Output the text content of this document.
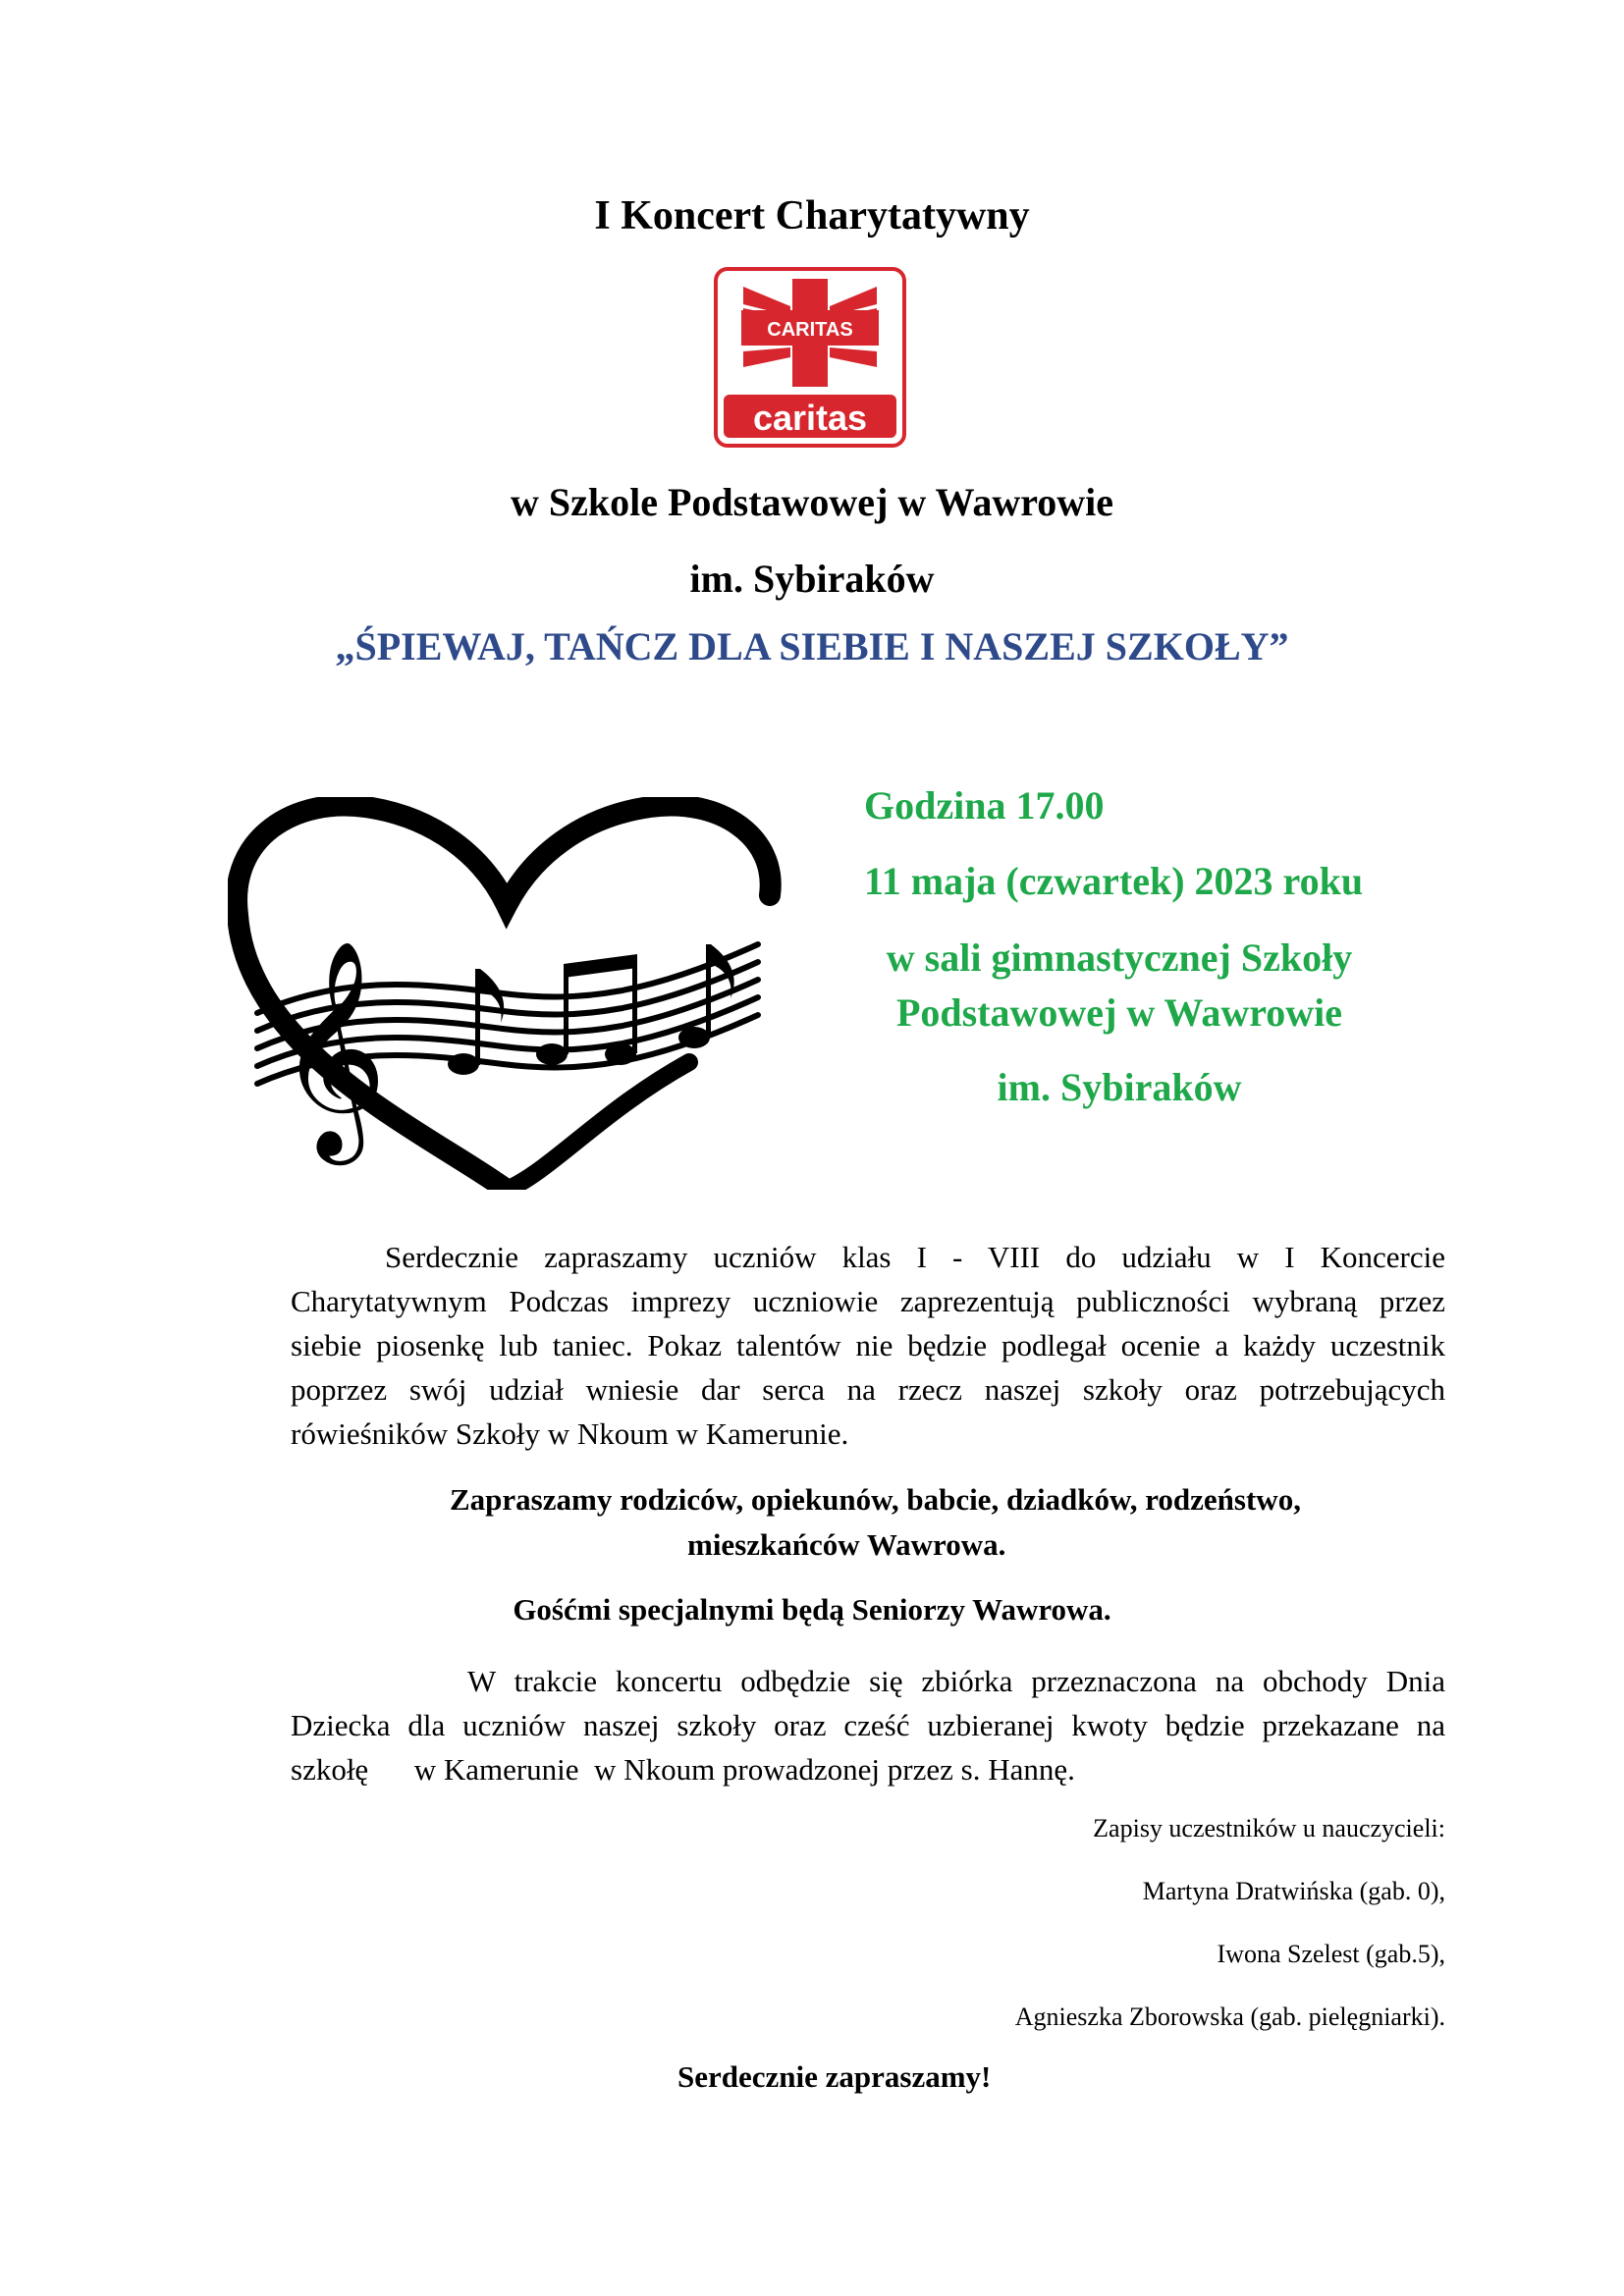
I Koncert Charytatywny
CARITAS
caritas
w Szkole Podstawowej w Wawrowie
im. Sybiraków
„ŚPIEWAJ, TAŃCZ DLA SIEBIE I NASZEJ SZKOŁY”
𝄞
Godzina 17.00
11 maja (czwartek) 2023 roku
w sali gimnastycznej Szkoły
Podstawowej w Wawrowie
im. Sybiraków
Serdecznie zapraszamy uczniów klas I - VIII do udziału w I Koncercie
Charytatywnym Podczas imprezy uczniowie zaprezentują publiczności wybraną przez
siebie piosenkę lub taniec. Pokaz talentów nie będzie podlegał ocenie a każdy uczestnik
poprzez swój udział wniesie dar serca na rzecz naszej szkoły oraz potrzebujących
rówieśników Szkoły w Nkoum w Kamerunie.
Zapraszamy rodziców, opiekunów, babcie, dziadków, rodzeństwo,
mieszkańców Wawrowa.
Gośćmi specjalnymi będą Seniorzy Wawrowa.
W trakcie koncertu odbędzie się zbiórka przeznaczona na obchody Dnia
Dziecka dla uczniów naszej szkoły oraz cześć uzbieranej kwoty będzie przekazane na
szkołę      w Kamerunie  w Nkoum prowadzonej przez s. Hannę.
Zapisy uczestników u nauczycieli:
Martyna Dratwińska (gab. 0),
Iwona Szelest (gab.5),
Agnieszka Zborowska (gab. pielęgniarki).
Serdecznie zapraszamy!
